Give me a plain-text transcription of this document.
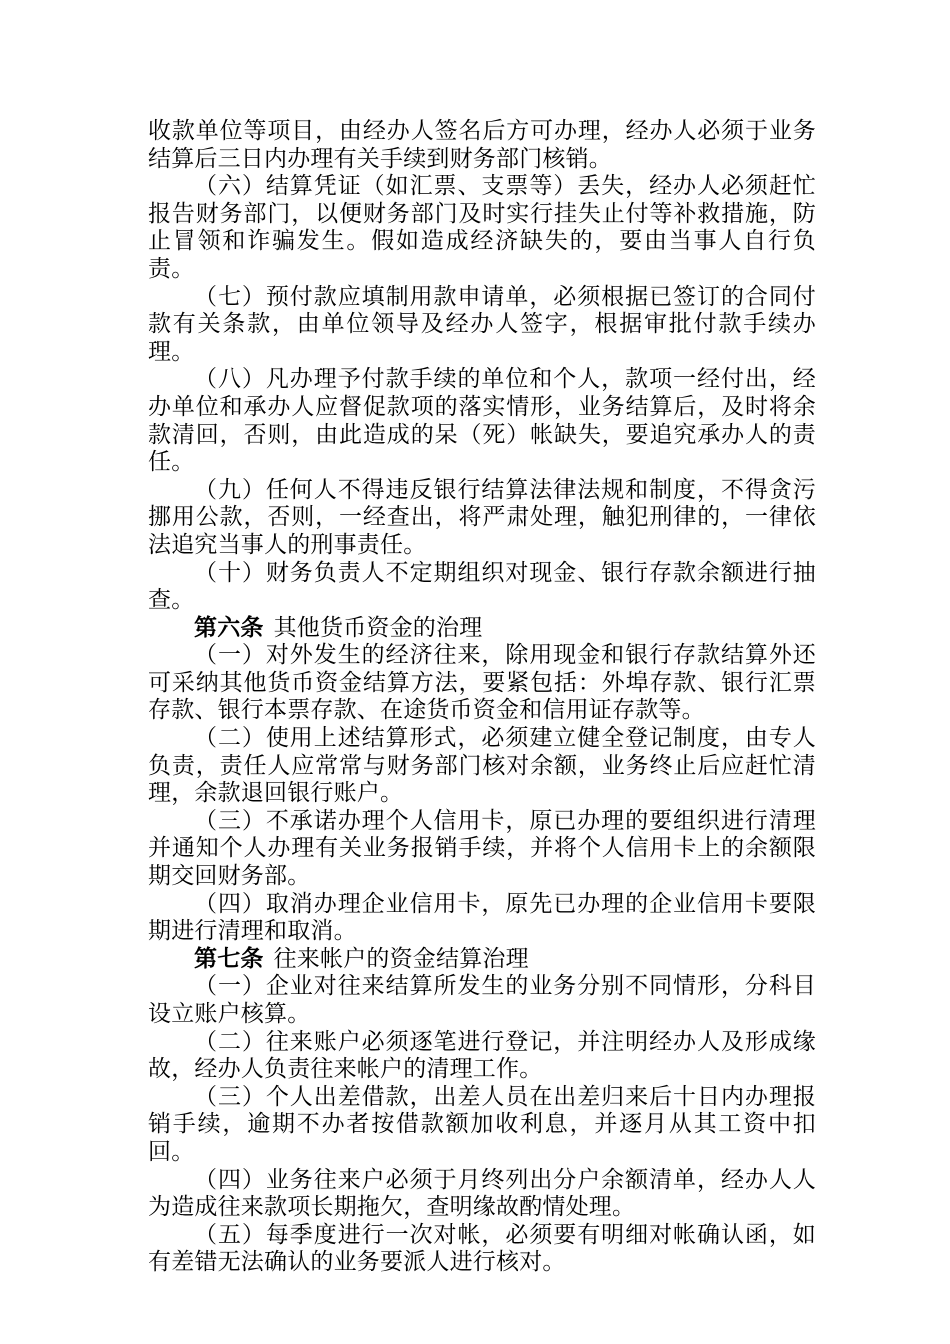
收款单位等项目，由经办人签名后方可办理，经办人必须于业务结算后三日内办理有关手续到财务部门核销。

（六）结算凭证（如汇票、支票等）丢失，经办人必须赶忙报告财务部门，以便财务部门及时实行挂失止付等补救措施，防止冒领和诈骗发生。假如造成经济缺失的，要由当事人自行负责。

（七）预付款应填制用款申请单，必须根据已签订的合同付款有关条款，由单位领导及经办人签字，根据审批付款手续办理。

（八）凡办理予付款手续的单位和个人，款项一经付出，经办单位和承办人应督促款项的落实情形，业务结算后，及时将余款清回，否则，由此造成的呆（死）帐缺失，要追究承办人的责任。

（九）任何人不得违反银行结算法律法规和制度，不得贪污挪用公款，否则，一经查出，将严肃处理，触犯刑律的，一律依法追究当事人的刑事责任。

（十）财务负责人不定期组织对现金、银行存款余额进行抽查。

第六条 其他货币资金的治理

（一）对外发生的经济往来，除用现金和银行存款结算外还可采纳其他货币资金结算方法，要紧包括：外埠存款、银行汇票存款、银行本票存款、在途货币资金和信用证存款等。

（二）使用上述结算形式，必须建立健全登记制度，由专人负责，责任人应常常与财务部门核对余额，业务终止后应赶忙清理，余款退回银行账户。

（三）不承诺办理个人信用卡，原已办理的要组织进行清理并通知个人办理有关业务报销手续，并将个人信用卡上的余额限期交回财务部。

（四）取消办理企业信用卡，原先已办理的企业信用卡要限期进行清理和取消。

第七条 往来帐户的资金结算治理

（一）企业对往来结算所发生的业务分别不同情形，分科目设立账户核算。

（二）往来账户必须逐笔进行登记，并注明经办人及形成缘故，经办人负责往来帐户的清理工作。

（三）个人出差借款，出差人员在出差归来后十日内办理报销手续，逾期不办者按借款额加收利息，并逐月从其工资中扣回。

（四）业务往来户必须于月终列出分户余额清单，经办人人为造成往来款项长期拖欠，查明缘故酌情处理。

（五）每季度进行一次对帐，必须要有明细对帐确认函，如有差错无法确认的业务要派人进行核对。
